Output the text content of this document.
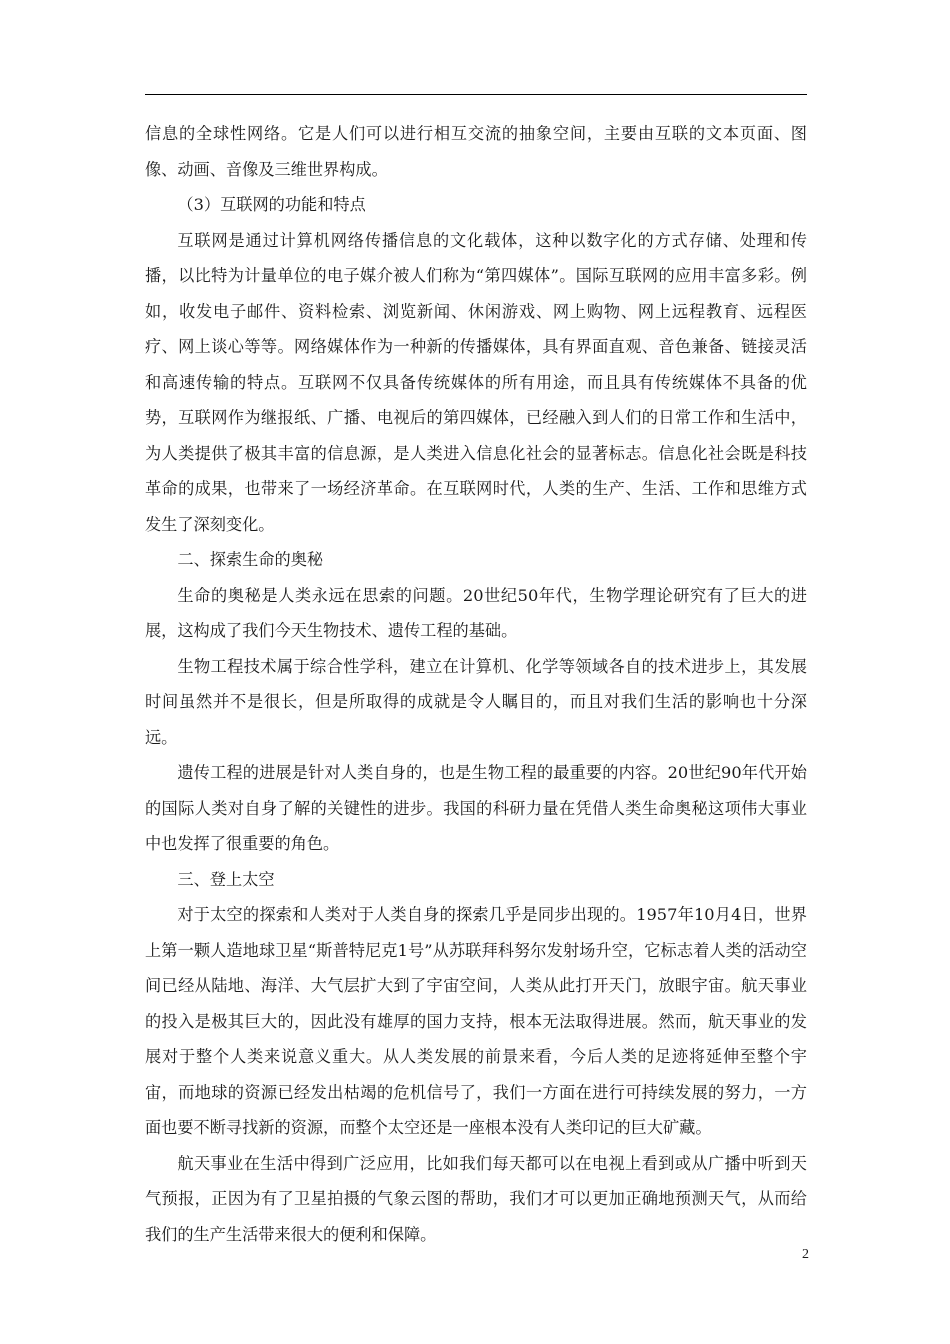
信息的全球性网络。它是人们可以进行相互交流的抽象空间，主要由互联的文本页面、图像、动画、音像及三维世界构成。

（3）互联网的功能和特点

互联网是通过计算机网络传播信息的文化载体，这种以数字化的方式存储、处理和传播，以比特为计量单位的电子媒介被人们称为“第四媒体”。国际互联网的应用丰富多彩。例如，收发电子邮件、资料检索、浏览新闻、休闲游戏、网上购物、网上远程教育、远程医疗、网上谈心等等。网络媒体作为一种新的传播媒体，具有界面直观、音色兼备、链接灵活和高速传输的特点。互联网不仅具备传统媒体的所有用途，而且具有传统媒体不具备的优势，互联网作为继报纸、广播、电视后的第四媒体，已经融入到人们的日常工作和生活中，为人类提供了极其丰富的信息源，是人类进入信息化社会的显著标志。信息化社会既是科技革命的成果，也带来了一场经济革命。在互联网时代，人类的生产、生活、工作和思维方式发生了深刻变化。

二、探索生命的奥秘

生命的奥秘是人类永远在思索的问题。20世纪50年代，生物学理论研究有了巨大的进展，这构成了我们今天生物技术、遗传工程的基础。

生物工程技术属于综合性学科，建立在计算机、化学等领域各自的技术进步上，其发展时间虽然并不是很长，但是所取得的成就是令人瞩目的，而且对我们生活的影响也十分深远。

遗传工程的进展是针对人类自身的，也是生物工程的最重要的内容。20世纪90年代开始的国际人类对自身了解的关键性的进步。我国的科研力量在凭借人类生命奥秘这项伟大事业中也发挥了很重要的角色。

三、登上太空

对于太空的探索和人类对于人类自身的探索几乎是同步出现的。1957年10月4日，世界上第一颗人造地球卫星“斯普特尼克1号”从苏联拜科努尔发射场升空，它标志着人类的活动空间已经从陆地、海洋、大气层扩大到了宇宙空间，人类从此打开天门，放眼宇宙。航天事业的投入是极其巨大的，因此没有雄厚的国力支持，根本无法取得进展。然而，航天事业的发展对于整个人类来说意义重大。从人类发展的前景来看，今后人类的足迹将延伸至整个宇宙，而地球的资源已经发出枯竭的危机信号了，我们一方面在进行可持续发展的努力，一方面也要不断寻找新的资源，而整个太空还是一座根本没有人类印记的巨大矿藏。

航天事业在生活中得到广泛应用，比如我们每天都可以在电视上看到或从广播中听到天气预报，正因为有了卫星拍摄的气象云图的帮助，我们才可以更加正确地预测天气，从而给我们的生产生活带来很大的便利和保障。

2
